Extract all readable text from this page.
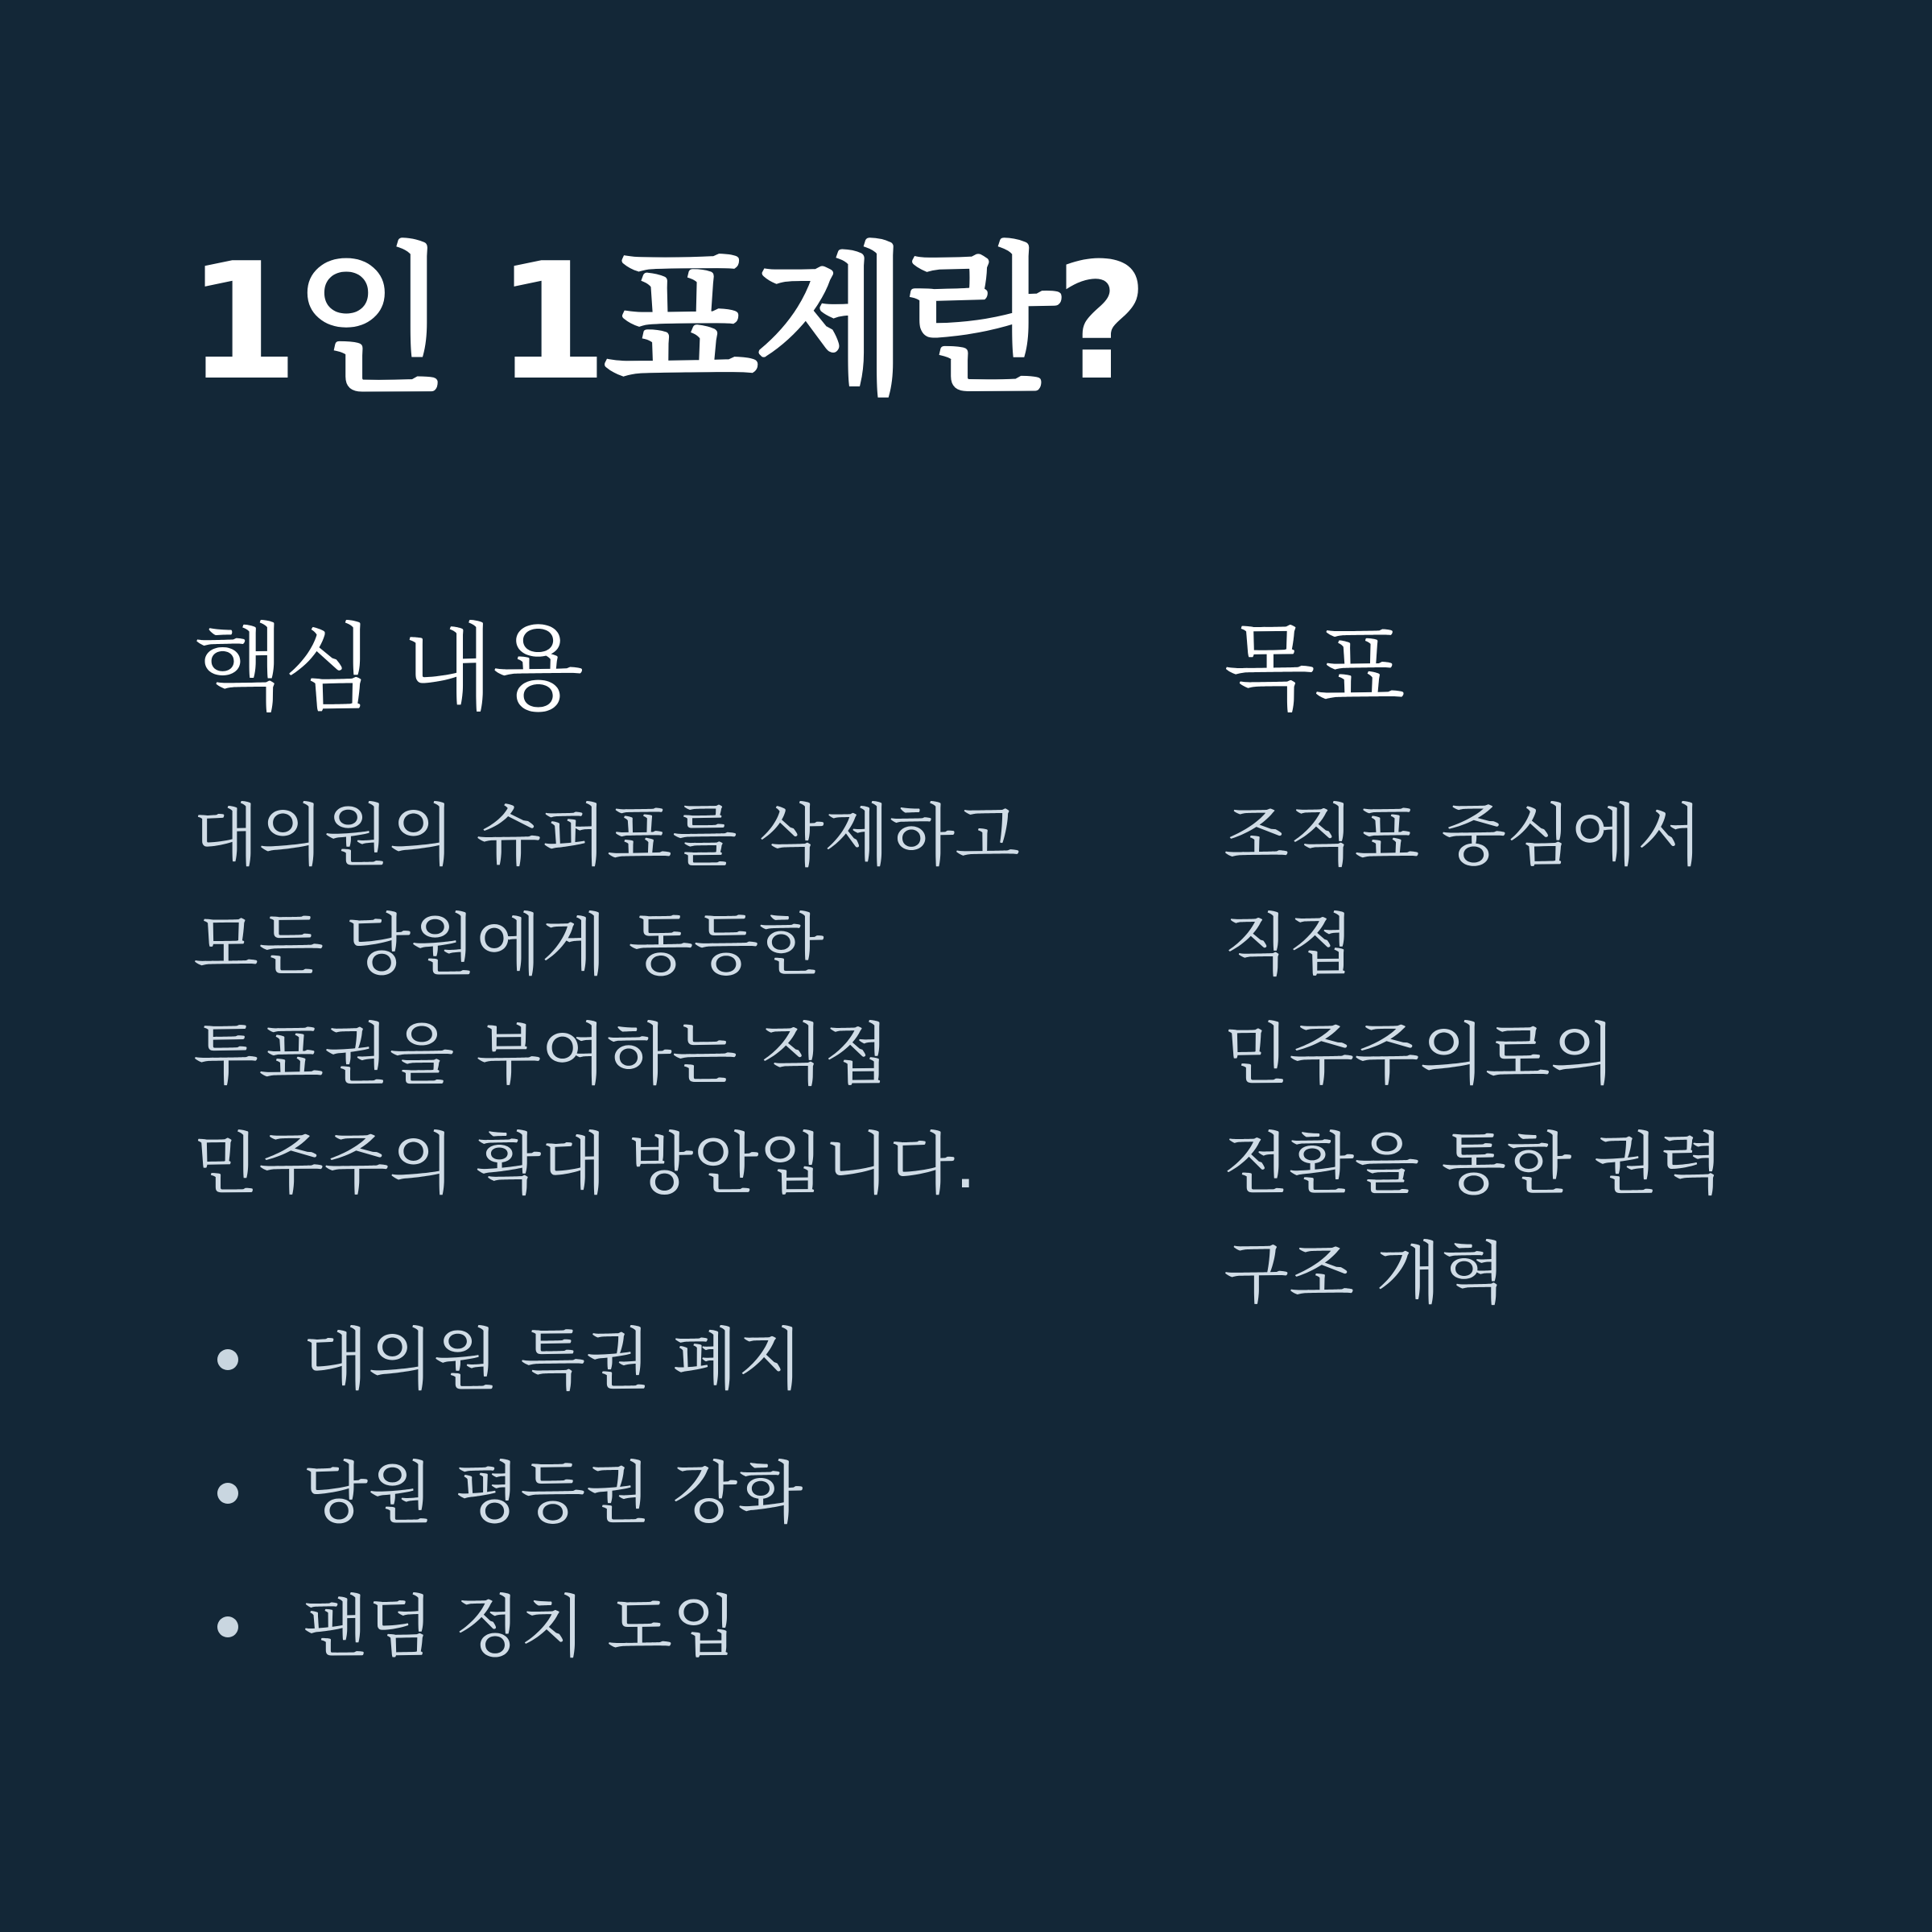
1인 1표제란?
핵심 내용

대의원의 슈퍼표를 삭제하고 모든 당원에게 동등한 투표권을 부여하는 직접 민주주의 확대 방안입니다.

대의원 특권 폐지
당원 평등권 강화
팬덤 정치 도입
목표

조직표 중심에서 직접 민주주의로의 전환을 통한 권력 구조 개혁
